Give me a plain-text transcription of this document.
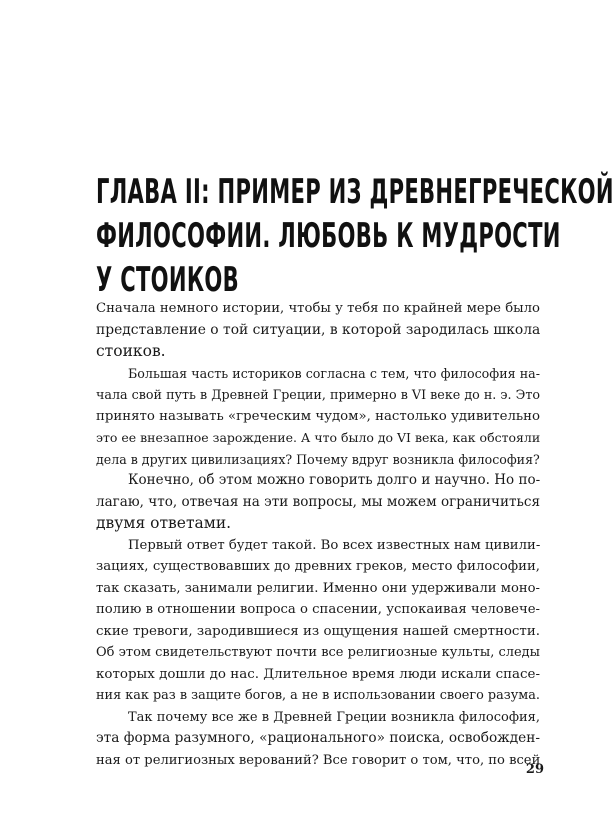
ГЛАВА II: ПРИМЕР ИЗ ДРЕВНЕГРЕЧЕСКОЙ
ФИЛОСОФИИ. ЛЮБОВЬ К МУДРОСТИ
У СТОИКОВ

Сначала немного истории, чтобы у тебя по крайней мере было
представление о той ситуации, в которой зародилась школа
стоиков.

Большая часть историков согласна с тем, что философия на-
чала свой путь в Древней Греции, примерно в VI веке до н. э. Это
принято называть «греческим чудом», настолько удивительно
это ее внезапное зарождение. А что было до VI века, как обстояли
дела в других цивилизациях? Почему вдруг возникла философия?

Конечно, об этом можно говорить долго и научно. Но по-
лагаю, что, отвечая на эти вопросы, мы можем ограничиться
двумя ответами.

Первый ответ будет такой. Во всех известных нам цивили-
зациях, существовавших до древних греков, место философии,
так сказать, занимали религии. Именно они удерживали моно-
полию в отношении вопроса о спасении, успокаивая человече-
ские тревоги, зародившиеся из ощущения нашей смертности.
Об этом свидетельствуют почти все религиозные культы, следы
которых дошли до нас. Длительное время люди искали спасе-
ния как раз в защите богов, а не в использовании своего разума.

Так почему все же в Древней Греции возникла философия,
эта форма разумного, «рационального» поиска, освобожден-
ная от религиозных верований? Все говорит о том, что, по всей

29
